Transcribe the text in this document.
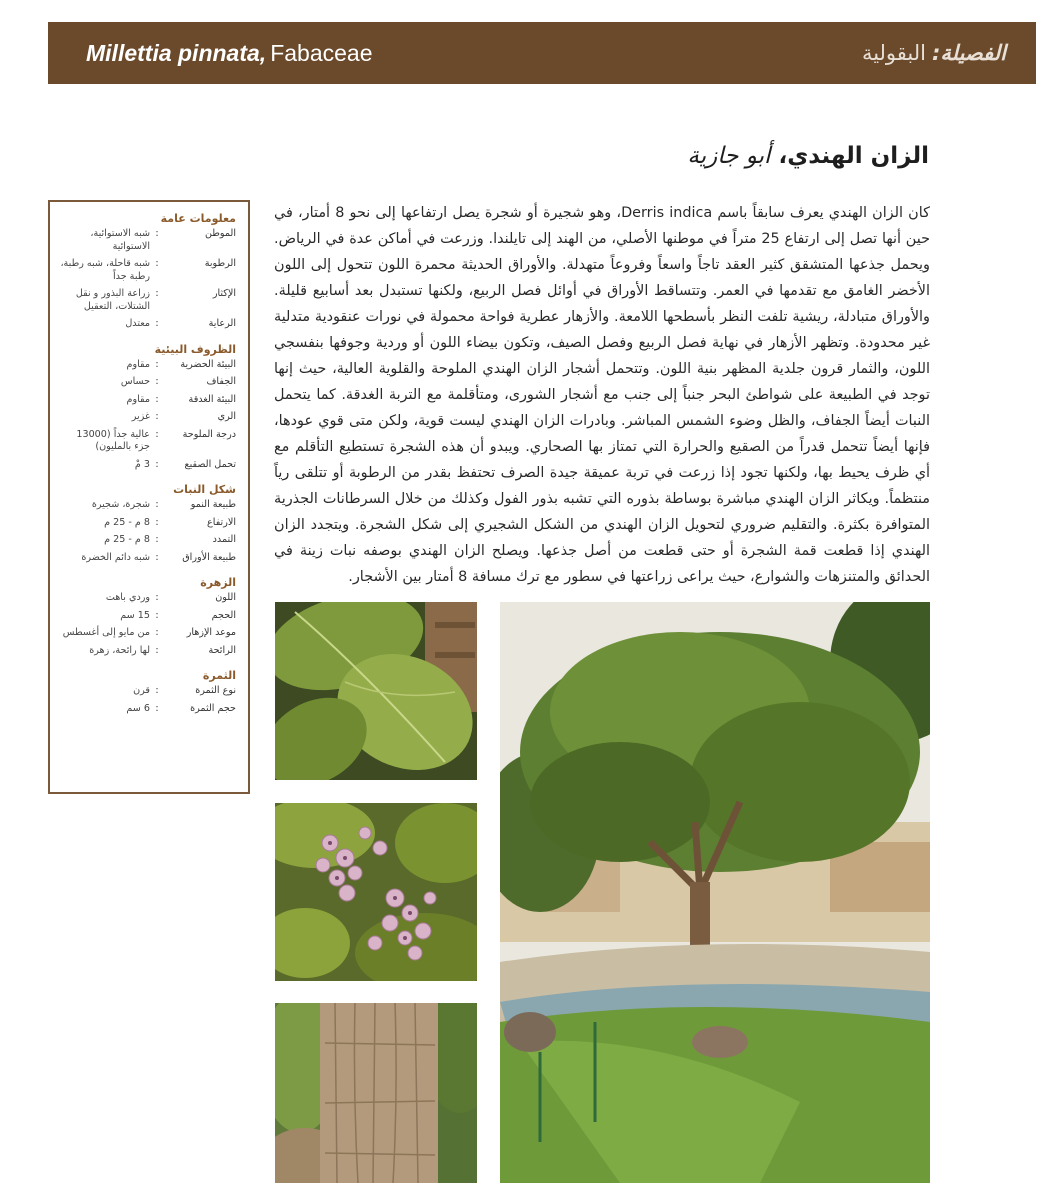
Millettia pinnata, Fabaceae	الفصيلة:
البقولية
الزان الهندي، أبو جازية
كان الزان الهندي يعرف سابقاً باسم Derris indica، وهو شجيرة أو شجرة يصل ارتفاعها إلى نحو 8 أمتار، في حين أنها تصل إلى ارتفاع 25 متراً في موطنها الأصلي، من الهند إلى تايلندا. وزرعت في أماكن عدة في الرياض. ويحمل جذعها المتشقق كثير العقد تاجاً واسعاً وفروعاً متهدلة. والأوراق الحديثة محمرة اللون تتحول إلى اللون الأخضر الغامق مع تقدمها في العمر. وتتساقط الأوراق في أوائل فصل الربيع، ولكنها تستبدل بعد أسابيع قليلة. والأوراق متبادلة، ريشية تلفت النظر بأسطحها اللامعة. والأزهار عطرية فواحة محمولة في نورات عنقودية متدلية غير محدودة. وتظهر الأزهار في نهاية فصل الربيع وفصل الصيف، وتكون بيضاء اللون أو وردية وجوفها بنفسجي اللون، والثمار قرون جلدية المظهر بنية اللون. وتتحمل أشجار الزان الهندي الملوحة والقلوية العالية، حيث إنها توجد في الطبيعة على شواطئ البحر جنباً إلى جنب مع أشجار الشورى، ومتأقلمة مع التربة الغدقة. كما يتحمل النبات أيضاً الجفاف، والظل وضوء الشمس المباشر. وبادرات الزان الهندي ليست قوية، ولكن متى قوي عودها، فإنها أيضاً تتحمل قدراً من الصقيع والحرارة التي تمتاز بها الصحاري. ويبدو أن هذه الشجرة تستطيع التأقلم مع أي ظرف يحيط بها، ولكنها تجود إذا زرعت في تربة عميقة جيدة الصرف تحتفظ بقدر من الرطوبة أو تتلقى رياً منتظماً. ويكاثر الزان الهندي مباشرة بوساطة بذوره التي تشبه بذور الفول وكذلك من خلال السرطانات الجذرية المتوافرة بكثرة. والتقليم ضروري لتحويل الزان الهندي من الشكل الشجيري إلى شكل الشجرة. ويتجدد الزان الهندي إذا قطعت قمة الشجرة أو حتى قطعت من أصل جذعها. ويصلح الزان الهندي بوصفه نبات زينة في الحدائق والمتنزهات والشوارع، حيث يراعى زراعتها في سطور مع ترك مسافة 8 أمتار بين الأشجار.
معلومات عامة
الموطن
:
شبه الاستوائية، الاستوائية
الرطوبة
:
شبه قاحلة، شبه رطبة، رطبة جداً
الإكثار
:
زراعة البذور و نقل الشتلات، التعقيل
الرعاية
:
معتدل
الظروف البيئية
البيئة الحضرية
:
مقاوم
الجفاف
:
حساس
البيئة الغدقة
:
مقاوم
الري
:
غزير
درجة الملوحة
:
عالية جداً (13000 جزء بالمليون)
تحمل الصقيع
:
3 مْ
شكل النبات
طبيعة النمو
:
شجرة، شجيرة
الارتفاع
:
8 م - 25 م
التمدد
:
8 م - 25 م
طبيعة الأوراق
:
شبه دائم الخضرة
الزهرة
اللون
:
وردي باهت
الحجم
:
15 سم
موعد الإزهار
:
من مايو إلى أغسطس
الرائحة
:
لها رائحة، زهرة
الثمرة
نوع الثمرة
:
قرن
حجم الثمرة
:
6 سم
